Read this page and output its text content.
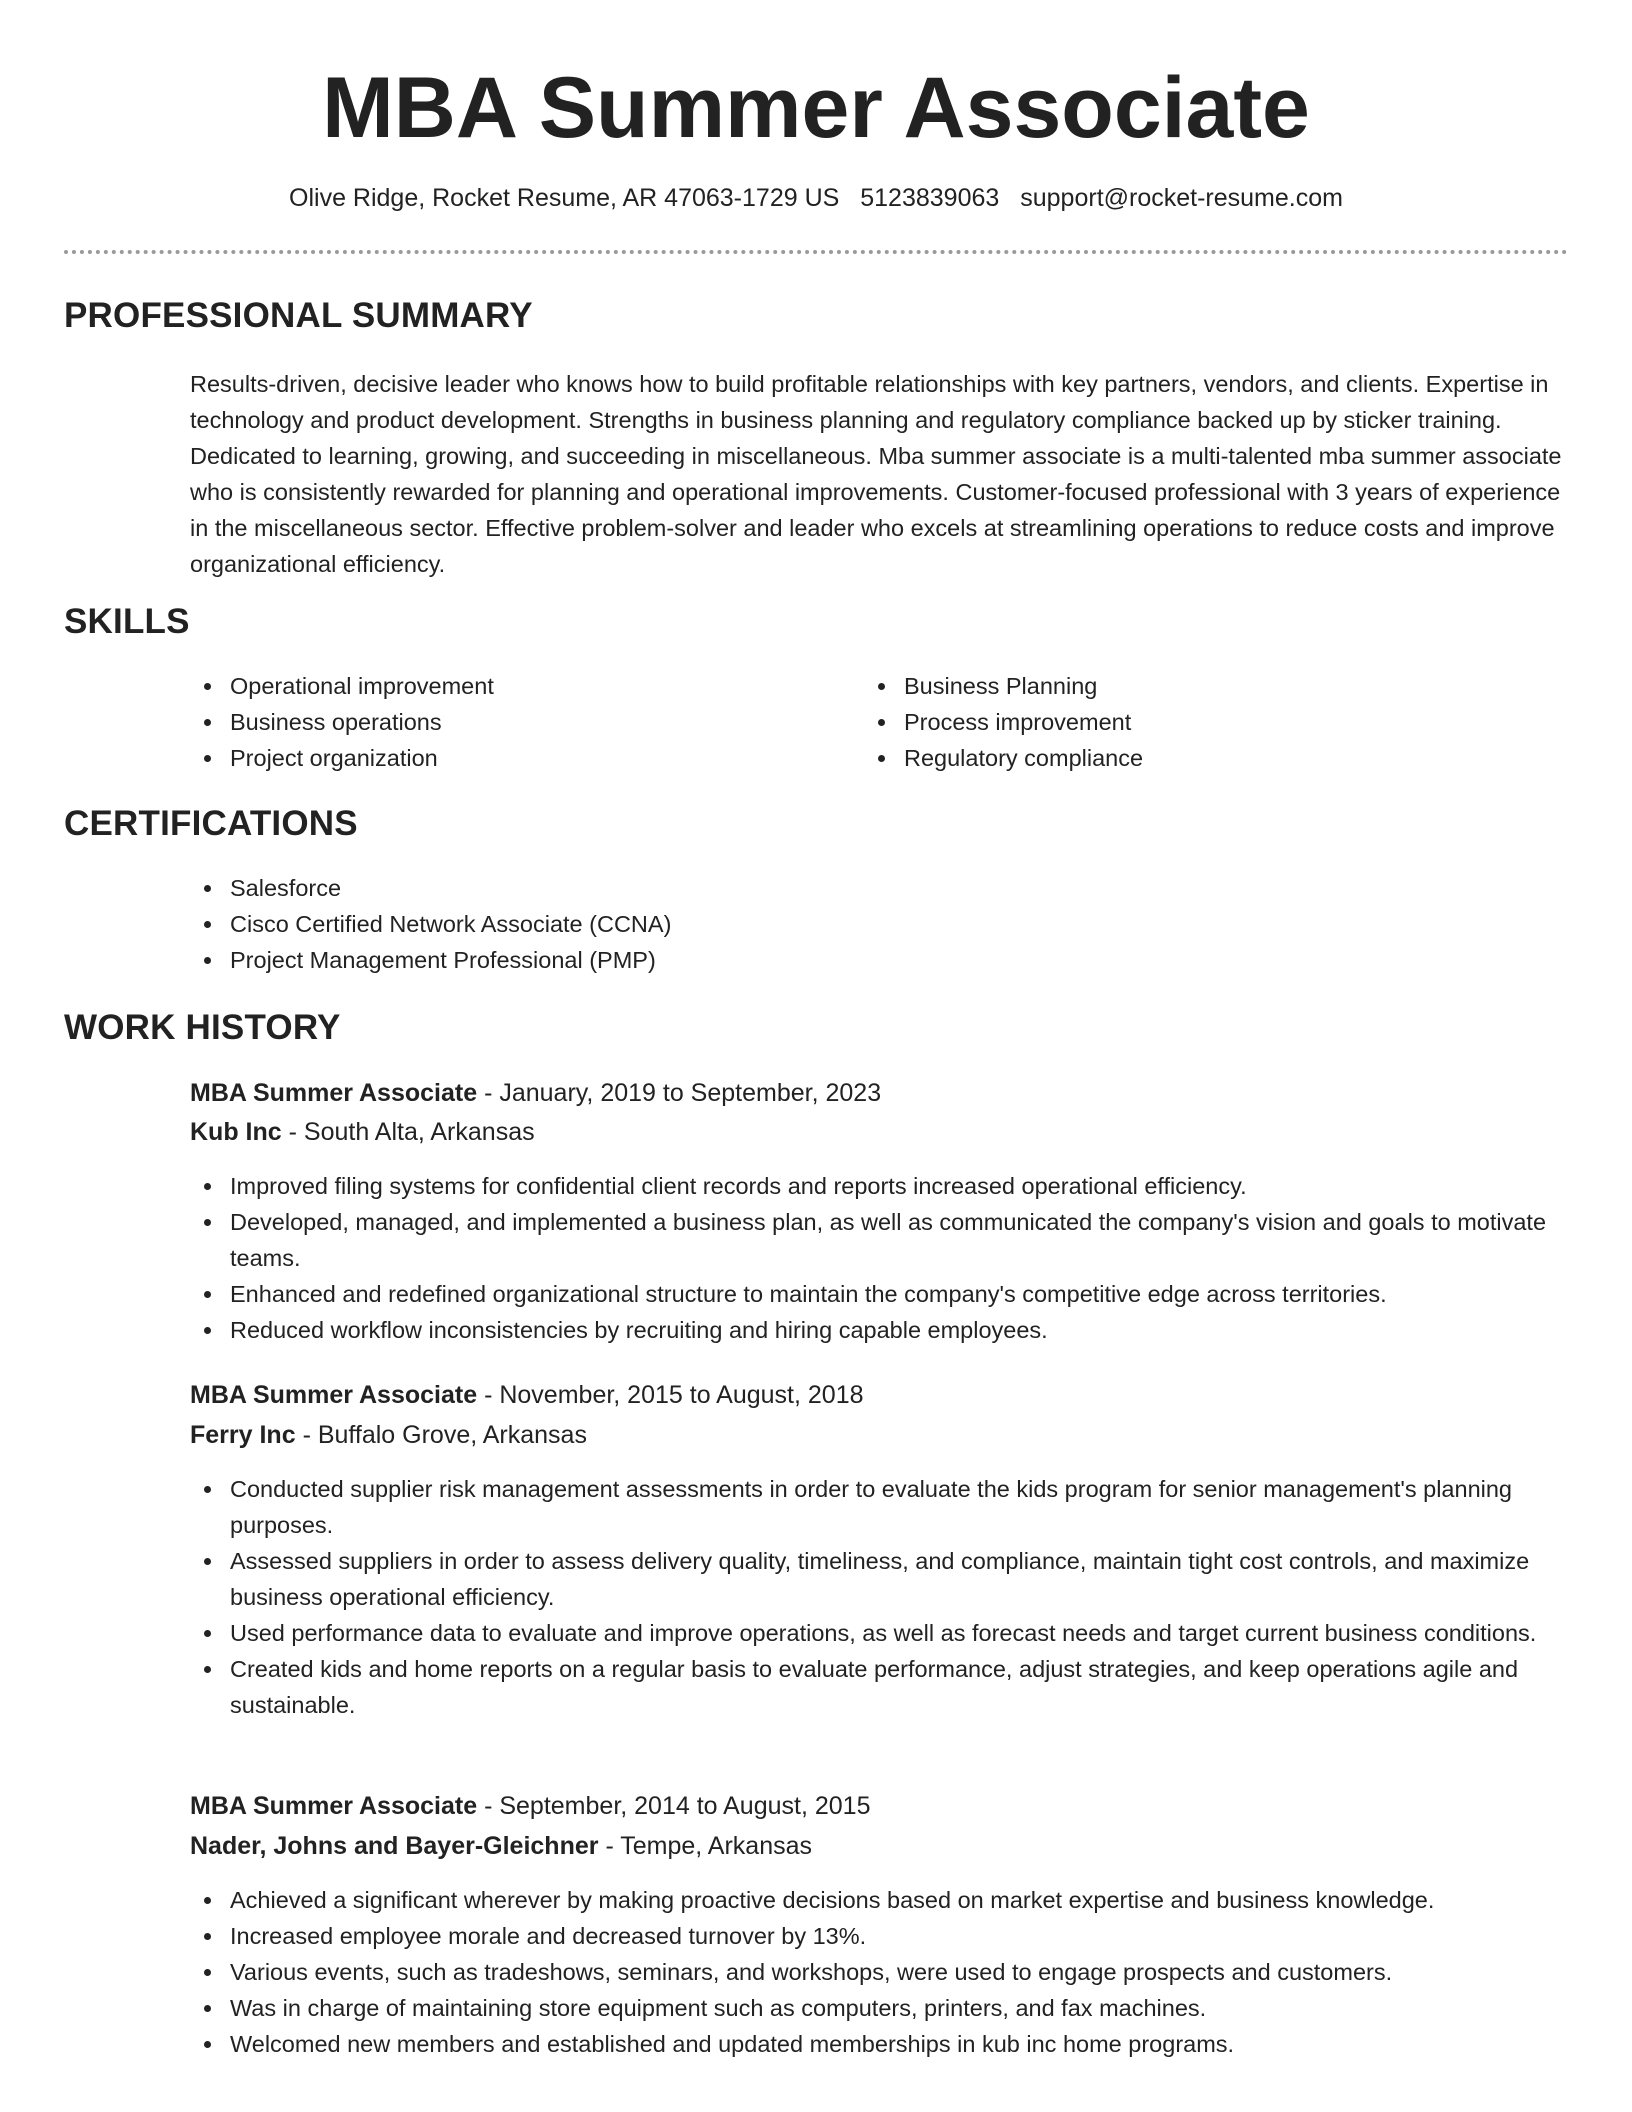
MBA Summer Associate
Olive Ridge, Rocket Resume, AR 47063-1729 US 5123839063 support@rocket-resume.com
PROFESSIONAL SUMMARY

Results-driven, decisive leader who knows how to build profitable relationships with key partners, vendors, and clients. Expertise in technology and product development. Strengths in business planning and regulatory compliance backed up by sticker training. Dedicated to learning, growing, and succeeding in miscellaneous. Mba summer associate is a multi-talented mba summer associate who is consistently rewarded for planning and operational improvements. Customer-focused professional with 3 years of experience in the miscellaneous sector. Effective problem-solver and leader who excels at streamlining operations to reduce costs and improve organizational efficiency.

SKILLS
Operational improvement
Business operations
Project organization
Business Planning
Process improvement
Regulatory compliance
CERTIFICATIONS
Salesforce
Cisco Certified Network Associate (CCNA)
Project Management Professional (PMP)
WORK HISTORY
MBA Summer Associate - January, 2019 to September, 2023
Kub Inc - South Alta, Arkansas
Improved filing systems for confidential client records and reports increased operational efficiency.
Developed, managed, and implemented a business plan, as well as communicated the company's vision and goals to motivate teams.
Enhanced and redefined organizational structure to maintain the company's competitive edge across territories.
Reduced workflow inconsistencies by recruiting and hiring capable employees.
MBA Summer Associate - November, 2015 to August, 2018
Ferry Inc - Buffalo Grove, Arkansas
Conducted supplier risk management assessments in order to evaluate the kids program for senior management's planning purposes.
Assessed suppliers in order to assess delivery quality, timeliness, and compliance, maintain tight cost controls, and maximize business operational efficiency.
Used performance data to evaluate and improve operations, as well as forecast needs and target current business conditions.
Created kids and home reports on a regular basis to evaluate performance, adjust strategies, and keep operations agile and sustainable.
MBA Summer Associate - September, 2014 to August, 2015
Nader, Johns and Bayer-Gleichner - Tempe, Arkansas
Achieved a significant wherever by making proactive decisions based on market expertise and business knowledge.
Increased employee morale and decreased turnover by 13%.
Various events, such as tradeshows, seminars, and workshops, were used to engage prospects and customers.
Was in charge of maintaining store equipment such as computers, printers, and fax machines.
Welcomed new members and established and updated memberships in kub inc home programs.
